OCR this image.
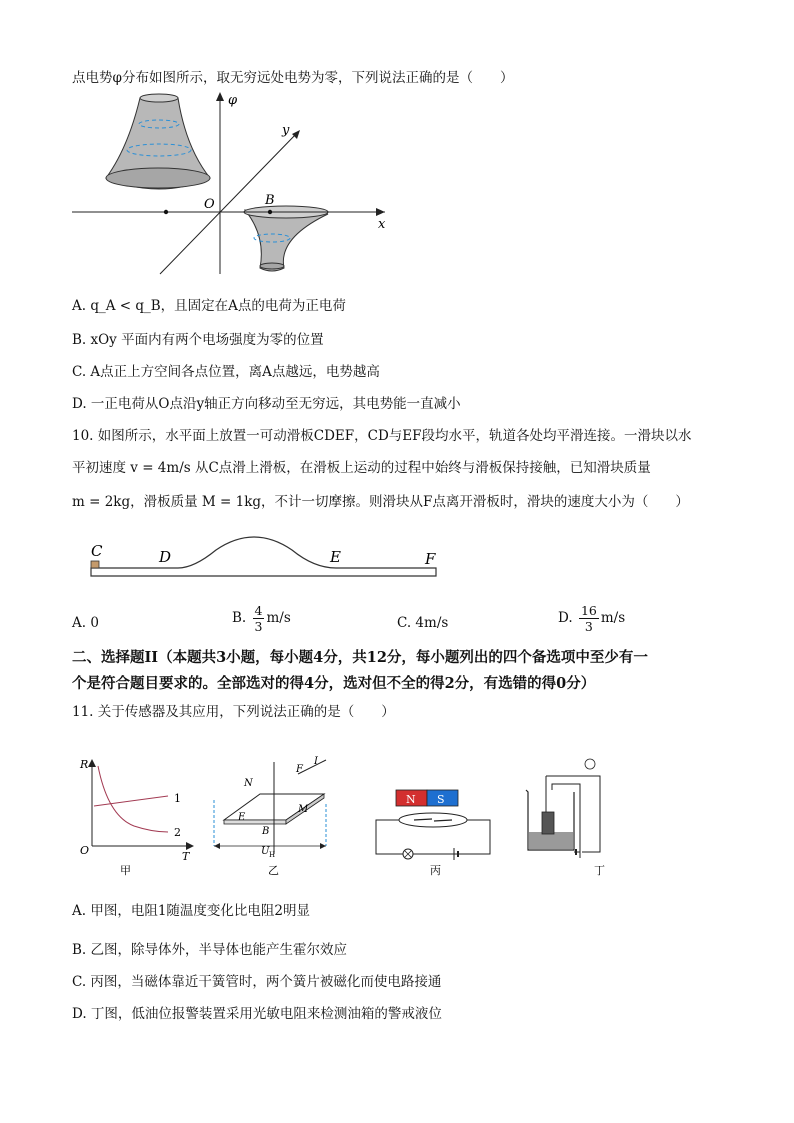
点电势φ分布如图所示，取无穷远处电势为零，下列说法正确的是（　　）
φ
y
x
O	B
A. q_A < q_B，且固定在A点的电荷为正电荷
B. xOy 平面内有两个电场强度为零的位置
C. A点正上方空间各点位置，离A点越远，电势越高
D. 一正电荷从O点沿y轴正方向移动至无穷远，其电势能一直减小
10. 如图所示，水平面上放置一可动滑板CDEF，CD与EF段均水平，轨道各处均平滑连接。一滑块以水
平初速度 v = 4m/s 从C点滑上滑板，在滑板上运动的过程中始终与滑板保持接触，已知滑块质量
m = 2kg，滑板质量 M = 1kg，不计一切摩擦。则滑块从F点离开滑板时，滑块的速度大小为（　　）
C	D	E	F
A. 0	B. $\frac{4}{3} m/s$	C. 4m/s	D. $\frac{16}{3} m/s$
二、选择题II（本题共3小题，每小题4分，共12分，每小题列出的四个备选项中至少有一
个是符合题目要求的。全部选对的得4分，选对但不全的得2分，有选错的得0分）
11. 关于传感器及其应用，下列说法正确的是（　　）
R
T
O
1
2
甲
N
F
I
E
M
B
U H
乙
N S
丙	丁
A. 甲图，电阻1随温度变化比电阻2明显
B. 乙图，除导体外，半导体也能产生霍尔效应
C. 丙图，当磁体靠近干簧管时，两个簧片被磁化而使电路接通
D. 丁图，低油位报警装置采用光敏电阻来检测油箱的警戒液位
